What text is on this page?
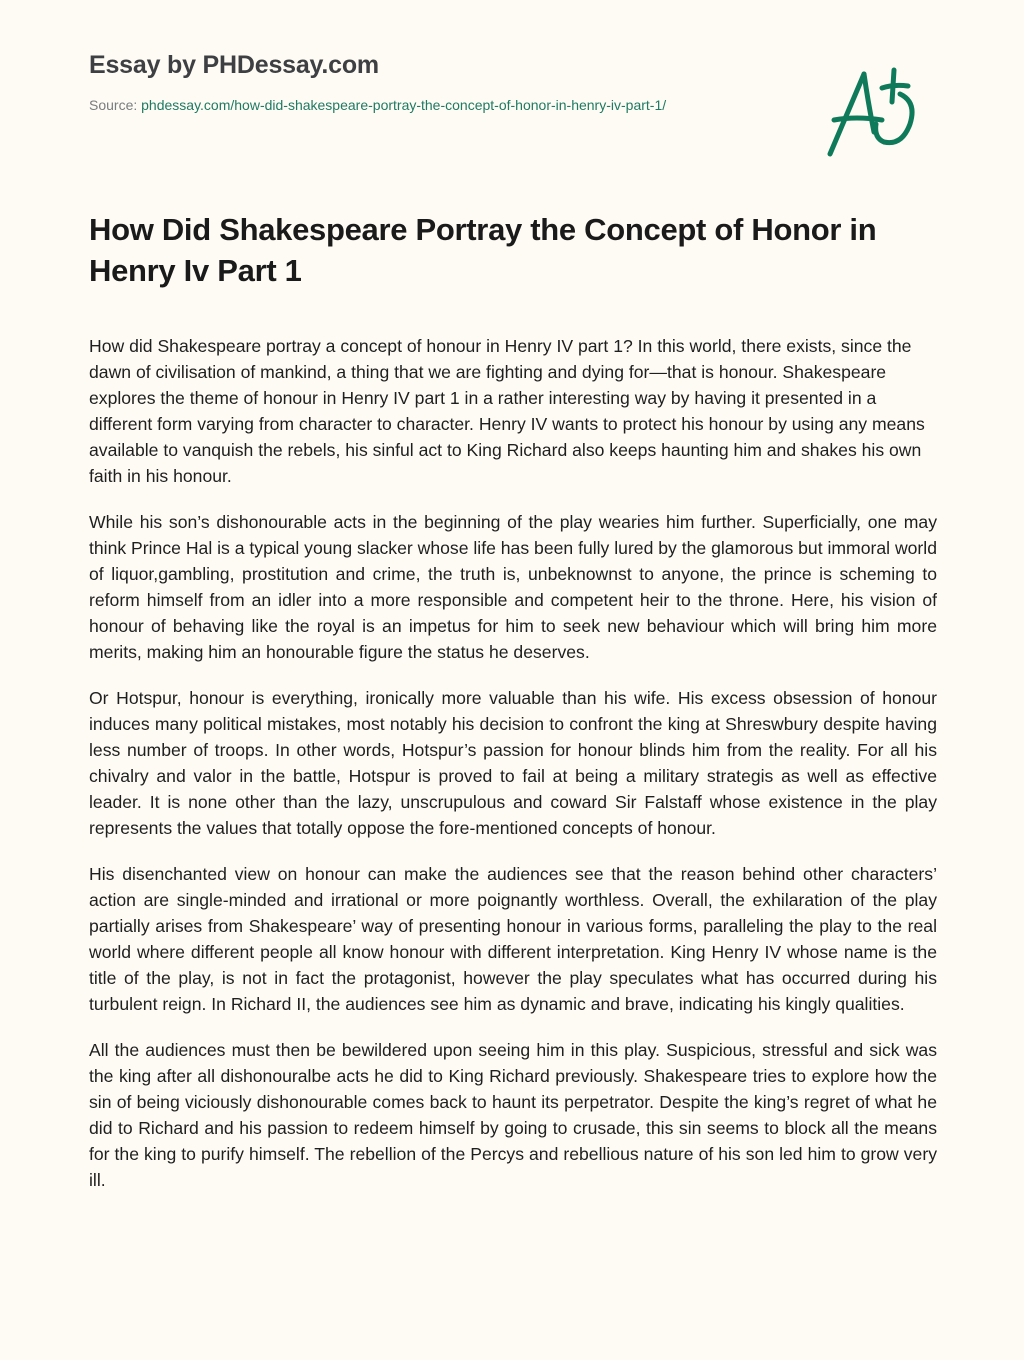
Essay by PHDessay.com
Source: phdessay.com/how-did-shakespeare-portray-the-concept-of-honor-in-henry-iv-part-1/
How Did Shakespeare Portray the Concept of Honor in Henry Iv Part 1

How did Shakespeare portray a concept of honour in Henry IV part 1? In this world, there exists, since the dawn of civilisation of mankind, a thing that we are fighting and dying for—that is honour. Shakespeare explores the theme of honour in Henry IV part 1 in a rather interesting way by having it presented in a different form varying from character to character. Henry IV wants to protect his honour by using any means available to vanquish the rebels, his sinful act to King Richard also keeps haunting him and shakes his own faith in his honour.

While his son’s dishonourable acts in the beginning of the play wearies him further. Superficially, one may think Prince Hal is a typical young slacker whose life has been fully lured by the glamorous but immoral world of liquor,gambling, prostitution and crime, the truth is, unbeknownst to anyone, the prince is scheming to reform himself from an idler into a more responsible and competent heir to the throne. Here, his vision of honour of behaving like the royal is an impetus for him to seek new behaviour which will bring him more merits, making him an honourable figure the status he deserves.

Or Hotspur, honour is everything, ironically more valuable than his wife. His excess obsession of honour induces many political mistakes, most notably his decision to confront the king at Shreswbury despite having less number of troops. In other words, Hotspur’s passion for honour blinds him from the reality. For all his chivalry and valor in the battle, Hotspur is proved to fail at being a military strategis as well as effective leader. It is none other than the lazy, unscrupulous and coward Sir Falstaff whose existence in the play represents the values that totally oppose the fore-mentioned concepts of honour.

His disenchanted view on honour can make the audiences see that the reason behind other characters’ action are single-minded and irrational or more poignantly worthless. Overall, the exhilaration of the play partially arises from Shakespeare’ way of presenting honour in various forms, paralleling the play to the real world where different people all know honour with different interpretation. King Henry IV whose name is the title of the play, is not in fact the protagonist, however the play speculates what has occurred during his turbulent reign. In Richard II, the audiences see him as dynamic and brave, indicating his kingly qualities.

All the audiences must then be bewildered upon seeing him in this play. Suspicious, stressful and sick was the king after all dishonouralbe acts he did to King Richard previously. Shakespeare tries to explore how the sin of being viciously dishonourable comes back to haunt its perpetrator. Despite the king’s regret of what he did to Richard and his passion to redeem himself by going to crusade, this sin seems to block all the means for the king to purify himself. The rebellion of the Percys and rebellious nature of his son led him to grow very ill.
